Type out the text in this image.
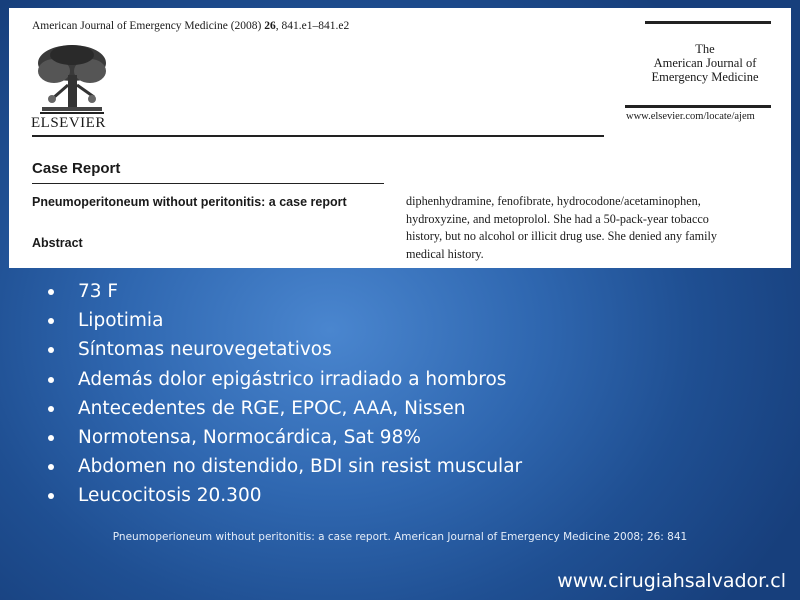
American Journal of Emergency Medicine (2008) 26, 841.e1–841.e2
ELSEVIER
The
American Journal of
Emergency Medicine
www.elsevier.com/locate/ajem
Case Report
Pneumoperitoneum without peritonitis: a case report
Abstract
diphenhydramine, fenofibrate, hydrocodone/acetaminophen,
hydroxyzine, and metoprolol. She had a 50-pack-year tobacco
history, but no alcohol or illicit drug use. She denied any family
medical history.
73 F
Lipotimia
Síntomas neurovegetativos
Además dolor epigástrico irradiado a hombros
Antecedentes de RGE, EPOC, AAA, Nissen
Normotensa, Normocárdica, Sat 98%
Abdomen no distendido, BDI sin resist muscular
Leucocitosis 20.300
Pneumoperioneum without peritonitis: a case report. American Journal of Emergency Medicine 2008; 26: 841
www.cirugiahsalvador.cl
